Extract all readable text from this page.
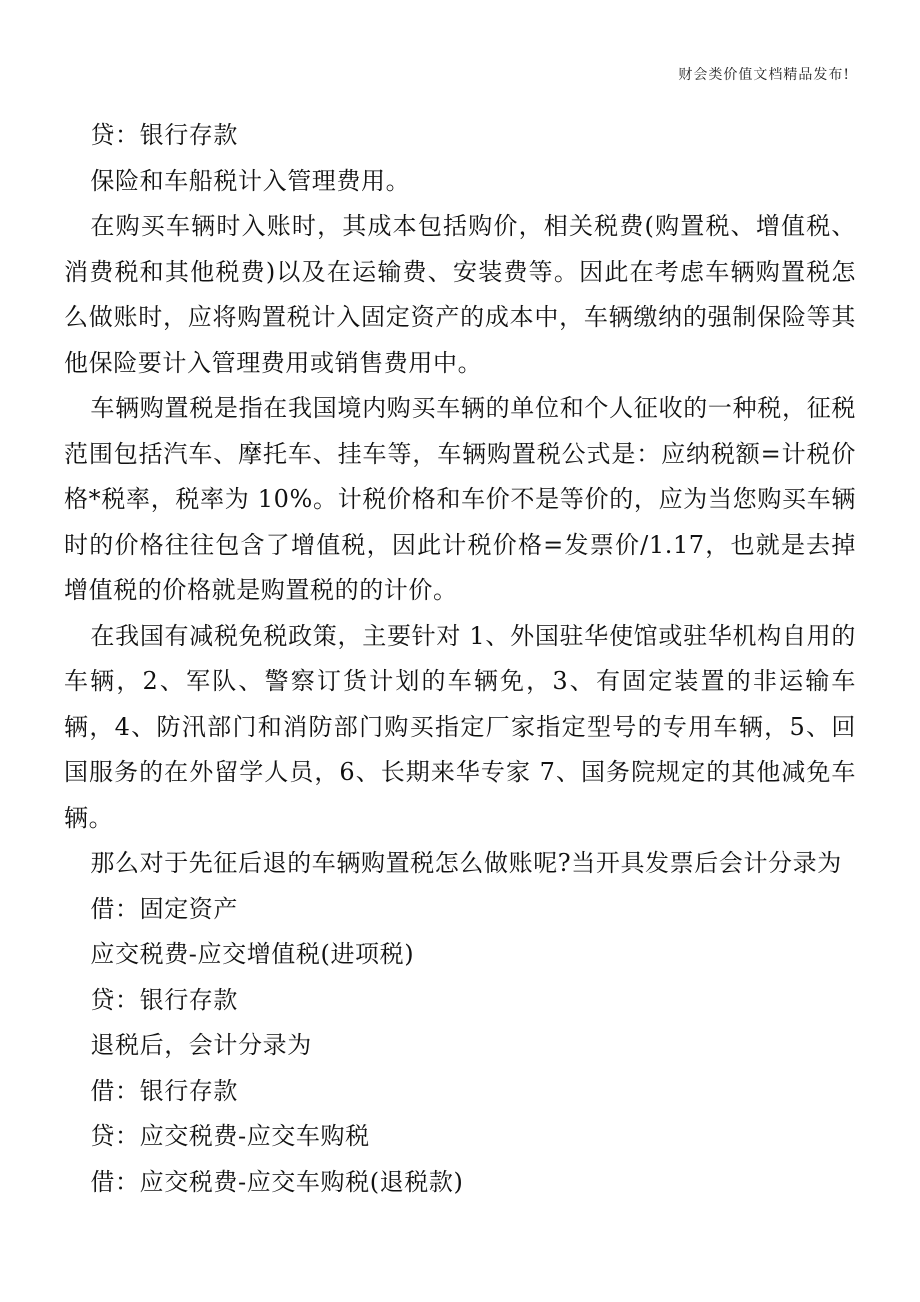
财会类价值文档精品发布!

贷：银行存款

保险和车船税计入管理费用。

在购买车辆时入账时，其成本包括购价，相关税费(购置税、增值税、消费税和其他税费)以及在运输费、安装费等。因此在考虑车辆购置税怎么做账时，应将购置税计入固定资产的成本中，车辆缴纳的强制保险等其他保险要计入管理费用或销售费用中。

车辆购置税是指在我国境内购买车辆的单位和个人征收的一种税，征税范围包括汽车、摩托车、挂车等，车辆购置税公式是：应纳税额=计税价格*税率，税率为 10%。计税价格和车价不是等价的，应为当您购买车辆时的价格往往包含了增值税，因此计税价格=发票价/1.17，也就是去掉增值税的价格就是购置税的的计价。

在我国有减税免税政策，主要针对 1、外国驻华使馆或驻华机构自用的车辆，2、军队、警察订货计划的车辆免，3、有固定装置的非运输车辆，4、防汛部门和消防部门购买指定厂家指定型号的专用车辆，5、回国服务的在外留学人员，6、长期来华专家 7、国务院规定的其他减免车辆。

那么对于先征后退的车辆购置税怎么做账呢?当开具发票后会计分录为

借：固定资产

应交税费-应交增值税(进项税)

贷：银行存款

退税后，会计分录为

借：银行存款

贷：应交税费-应交车购税

借：应交税费-应交车购税(退税款)
